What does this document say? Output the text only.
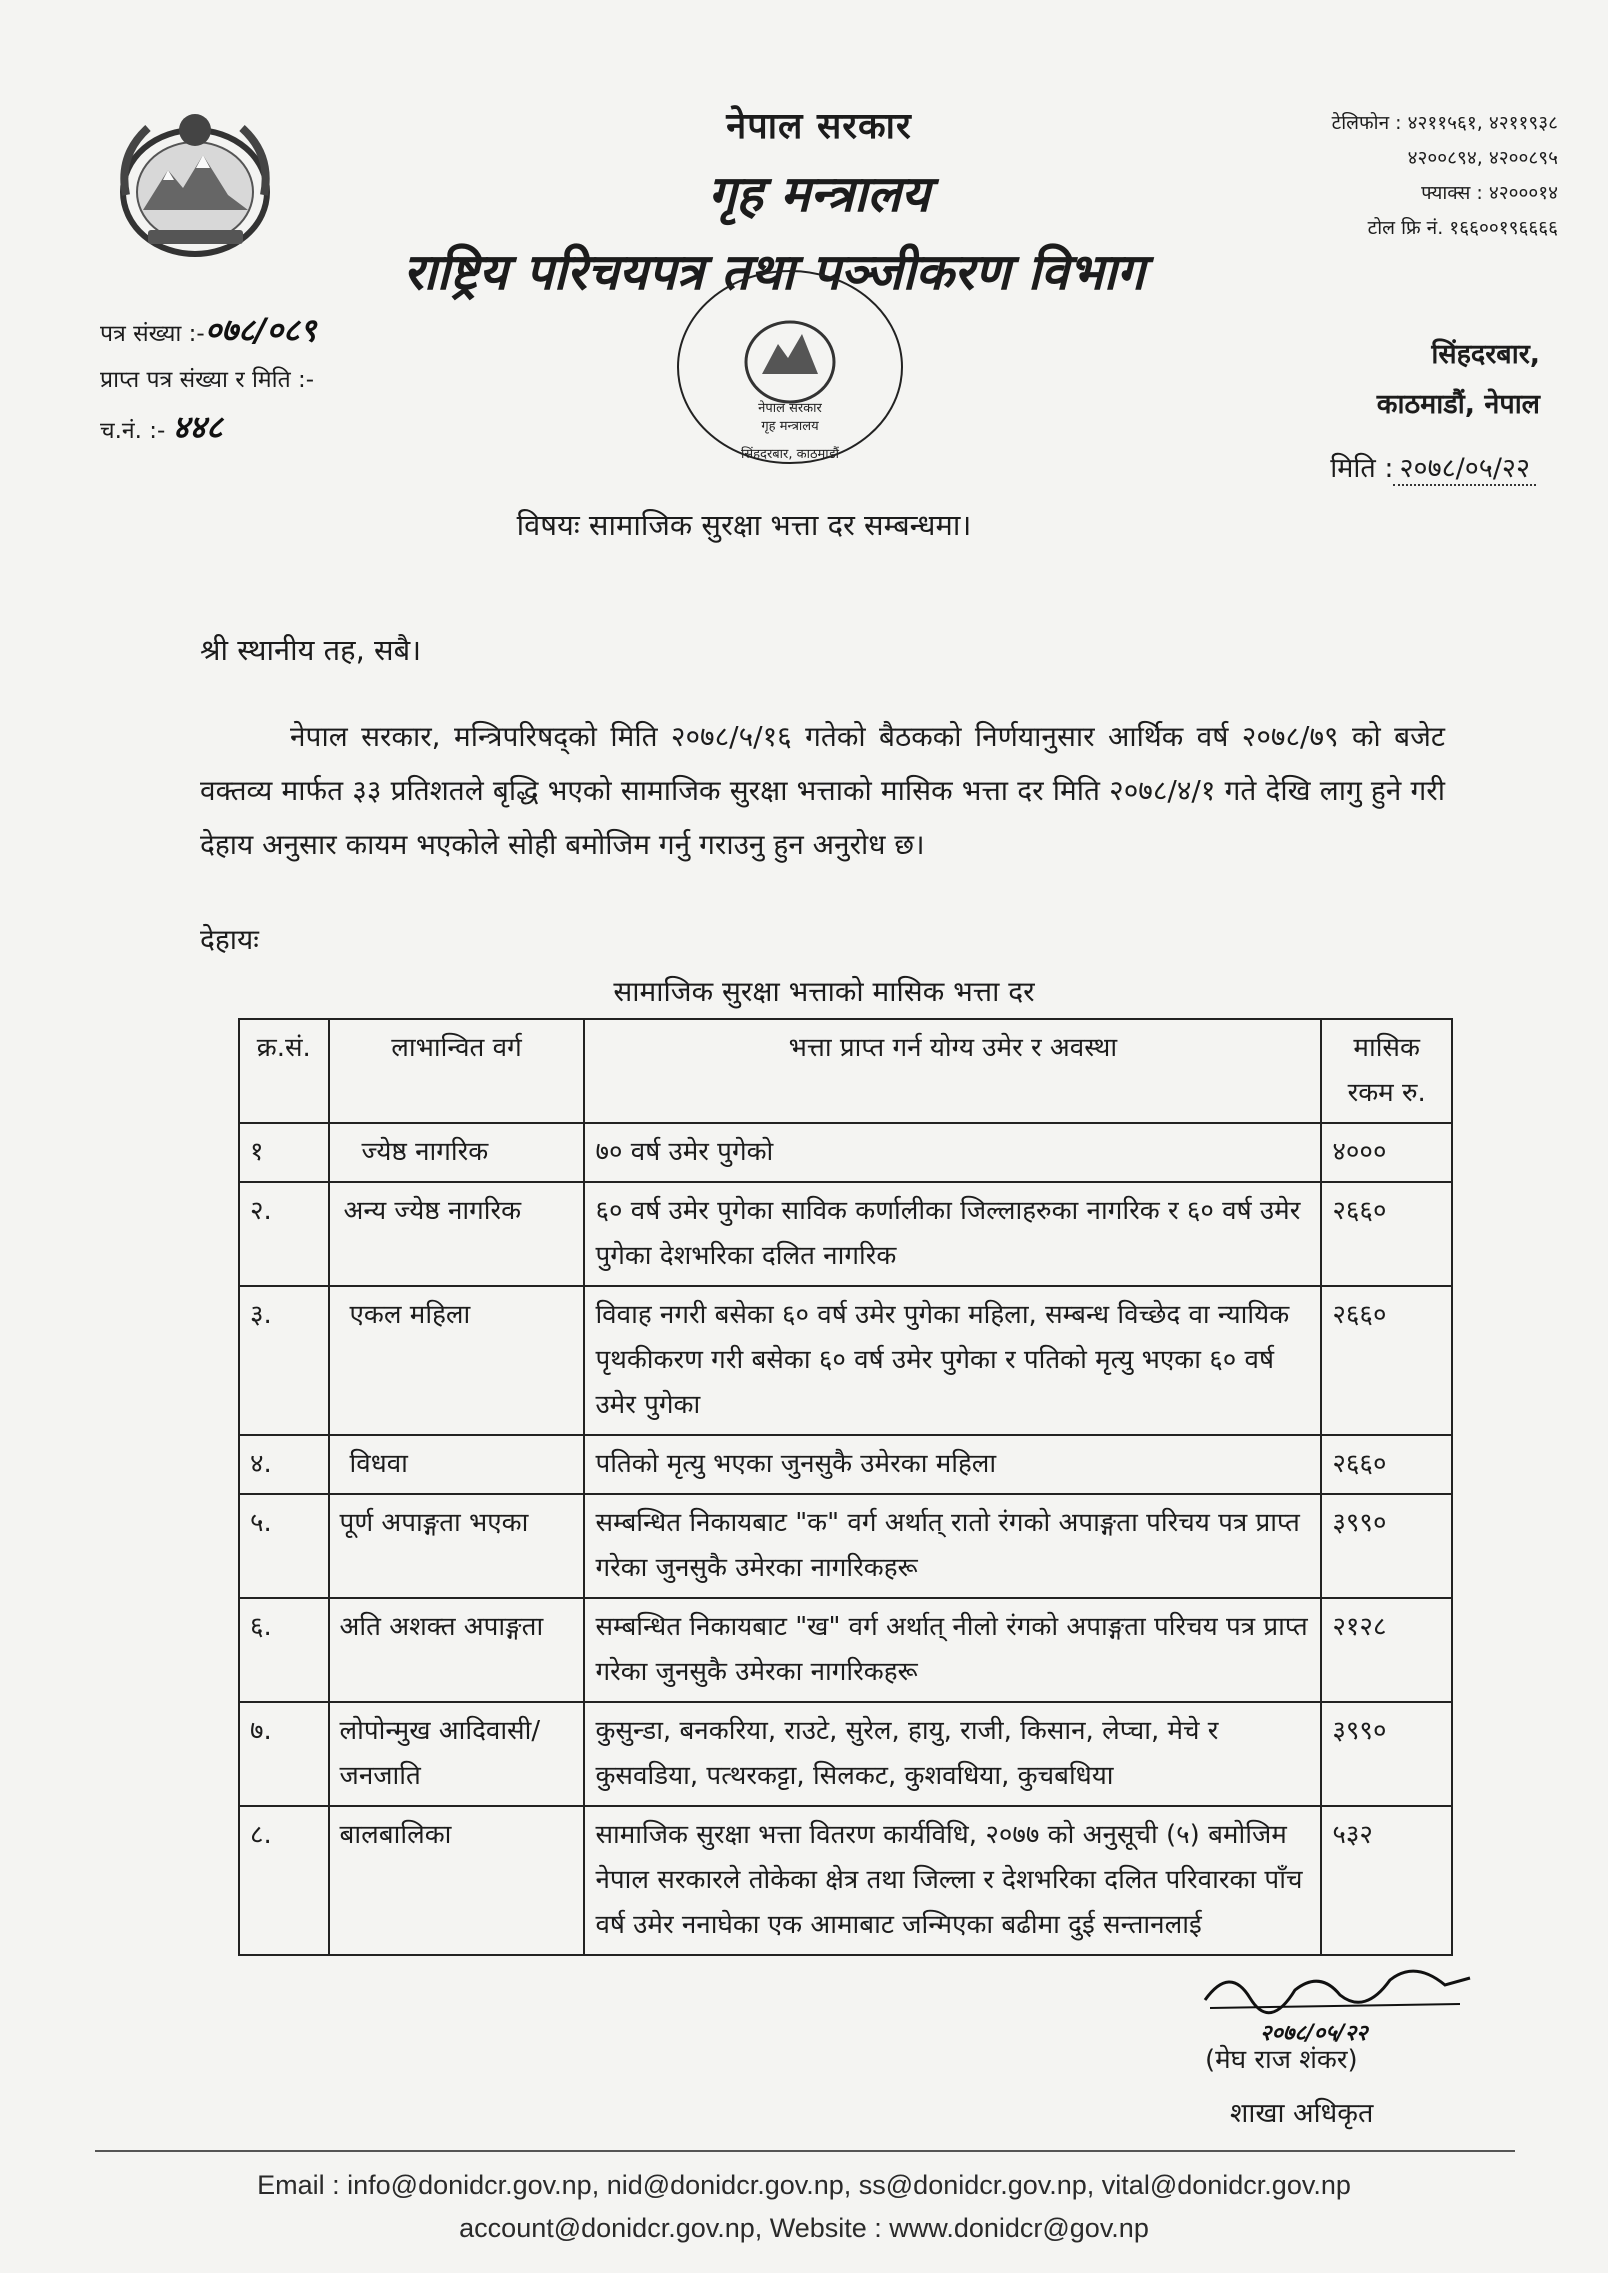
नेपाल सरकार
गृह मन्त्रालय
राष्ट्रिय परिचयपत्र तथा पञ्जीकरण विभाग
टेलिफोन : ४२११५६१, ४२११९३८
४२००८९४, ४२००८९५
फ्याक्स : ४२०००१४
टोल फ्रि नं. १६६००१९६६६६
पत्र संख्या :-०७८/०८९
प्राप्त पत्र संख्या र मिति :-
च.नं. :- ४४८	नेपाल सरकार
गृह मन्त्रालय
सिंहदरबार, काठमाडौं
सिंहदरबार,
काठमाडौं, नेपाल
मिति : २०७८/०५/२२
विषयः सामाजिक सुरक्षा भत्ता दर सम्बन्धमा।
श्री स्थानीय तह, सबै।
नेपाल सरकार, मन्त्रिपरिषद्को मिति २०७८/५/१६ गतेको बैठकको निर्णयानुसार आर्थिक वर्ष २०७८/७९ को बजेट वक्तव्य मार्फत ३३ प्रतिशतले बृद्धि भएको सामाजिक सुरक्षा भत्ताको मासिक भत्ता दर मिति २०७८/४/१ गते देखि लागु हुने गरी देहाय अनुसार कायम भएकोले सोही बमोजिम गर्नु गराउनु हुन अनुरोध छ।
देहायः
सामाजिक सुरक्षा भत्ताको मासिक भत्ता दर
क्र.सं.	लाभान्वित वर्ग	भत्ता प्राप्त गर्न योग्य उमेर र अवस्था	मासिक रकम रु.
१	ज्येष्ठ नागरिक	७० वर्ष उमेर पुगेको	४०००
२.	अन्य ज्येष्ठ नागरिक	६० वर्ष उमेर पुगेका साविक कर्णालीका जिल्लाहरुका नागरिक र ६० वर्ष उमेर पुगेका देशभरिका दलित नागरिक	२६६०
३.	एकल महिला	विवाह नगरी बसेका ६० वर्ष उमेर पुगेका महिला, सम्बन्ध विच्छेद वा न्यायिक पृथकीकरण गरी बसेका ६० वर्ष उमेर पुगेका र पतिको मृत्यु भएका ६० वर्ष उमेर पुगेका	२६६०
४.	विधवा	पतिको मृत्यु भएका जुनसुकै उमेरका महिला	२६६०
५.	पूर्ण अपाङ्गता भएका	सम्बन्धित निकायबाट "क" वर्ग अर्थात् रातो रंगको अपाङ्गता परिचय पत्र प्राप्त गरेका जुनसुकै उमेरका नागरिकहरू	३९९०
६.	अति अशक्त अपाङ्गता	सम्बन्धित निकायबाट "ख" वर्ग अर्थात् नीलो रंगको अपाङ्गता परिचय पत्र प्राप्त गरेका जुनसुकै उमेरका नागरिकहरू	२१२८
७.	लोपोन्मुख आदिवासी/ जनजाति	कुसुन्डा, बनकरिया, राउटे, सुरेल, हायु, राजी, किसान, लेप्चा, मेचे र कुसवडिया, पत्थरकट्टा, सिलकट, कुशवधिया, कुचबधिया	३९९०
८.	बालबालिका	सामाजिक सुरक्षा भत्ता वितरण कार्यविधि, २०७७ को अनुसूची (५) बमोजिम नेपाल सरकारले तोकेका क्षेत्र तथा जिल्ला र देशभरिका दलित परिवारका पाँच वर्ष उमेर ननाघेका एक आमाबाट जन्मिएका बढीमा दुई सन्तानलाई	५३२
२०७८/०५/२२
(मेघ राज शंकर)
शाखा अधिकृत
Email : info@donidcr.gov.np, nid@donidcr.gov.np, ss@donidcr.gov.np, vital@donidcr.gov.np
account@donidcr.gov.np, Website : www.donidcr@gov.np
